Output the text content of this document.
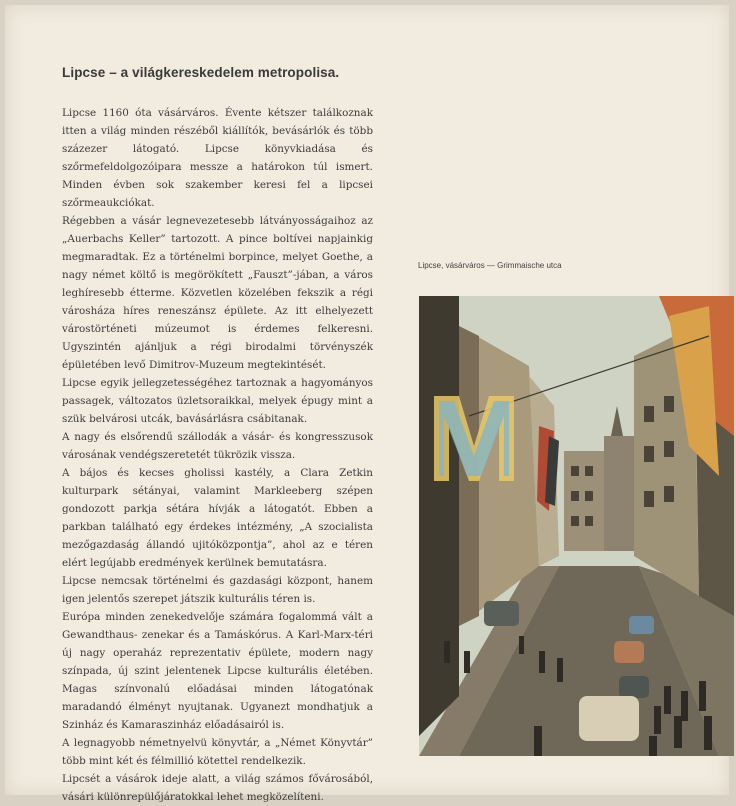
Lipcse – a világkereskedelem metropolisa.

Lipcse 1160 óta vásárváros. Évente kétszer találkoznak itten a világ minden részéből kiállítók, bevásárlók és több százezer látogató. Lipcse könyvkiadása és szőrmefeldolgozóipara messze a határokon túl ismert. Minden évben sok szakember keresi fel a lipcsei szőrmeaukciókat.

Régebben a vásár legnevezetesebb látványosságaihoz az „Auerbachs Keller” tartozott. A pince boltívei napjainkig megmaradtak. Ez a történelmi borpince, melyet Goethe, a nagy német költő is megörökített „Fauszt”-jában, a város leghíresebb étterme. Közvetlen közelében fekszik a régi városháza híres reneszánsz épülete. Az itt elhelyezett várostörténeti múzeumot is érdemes felkeresni. Ugyszintén ajánljuk a régi birodalmi törvényszék épületében levő Dimitrov-Muzeum megtekintését.

Lipcse egyik jellegzetességéhez tartoznak a hagyományos passagek, változatos üzletsoraikkal, melyek épugy mint a szük belvárosi utcák, bavásárlásra csábitanak.

A nagy és elsőrendű szállodák a vásár- és kongresszusok városának vendégszeretetét tükrözik vissza.

A bájos és kecses gholissi kastély, a Clara Zetkin kulturpark sétányai, valamint Markleeberg szépen gondozott parkja sétára hívják a látogatót. Ebben a parkban található egy érdekes intézmény, „A szocialista mezőgazdaság állandó ujitóközpontja”, ahol az e téren elért legújabb eredmények kerülnek bemutatásra.

Lipcse nemcsak történelmi és gazdasági központ, hanem igen jelentős szerepet játszik kulturális téren is.

Európa minden zenekedvelője számára fogalommá vált a Gewandthaus- zenekar és a Tamáskórus. A Karl-Marx-téri új nagy operaház reprezentativ épülete, modern nagy színpada, új szint jelentenek Lipcse kulturális életében. Magas színvonalú előadásai minden látogatónak maradandó élményt nyujtanak. Ugyanezt mondhatjuk a Szinház és Kamaraszinház előadásairól is.

A legnagyobb németnyelvü könyvtár, a „Német Könyvtár” több mint két és félmillió kötettel rendelkezik.

Lipcsét a vásárok ideje alatt, a világ számos fővárosából, vásári különrepülőjáratokkal lehet megközelíteni.

Lipcse, vásárváros — Grimmaische utca
